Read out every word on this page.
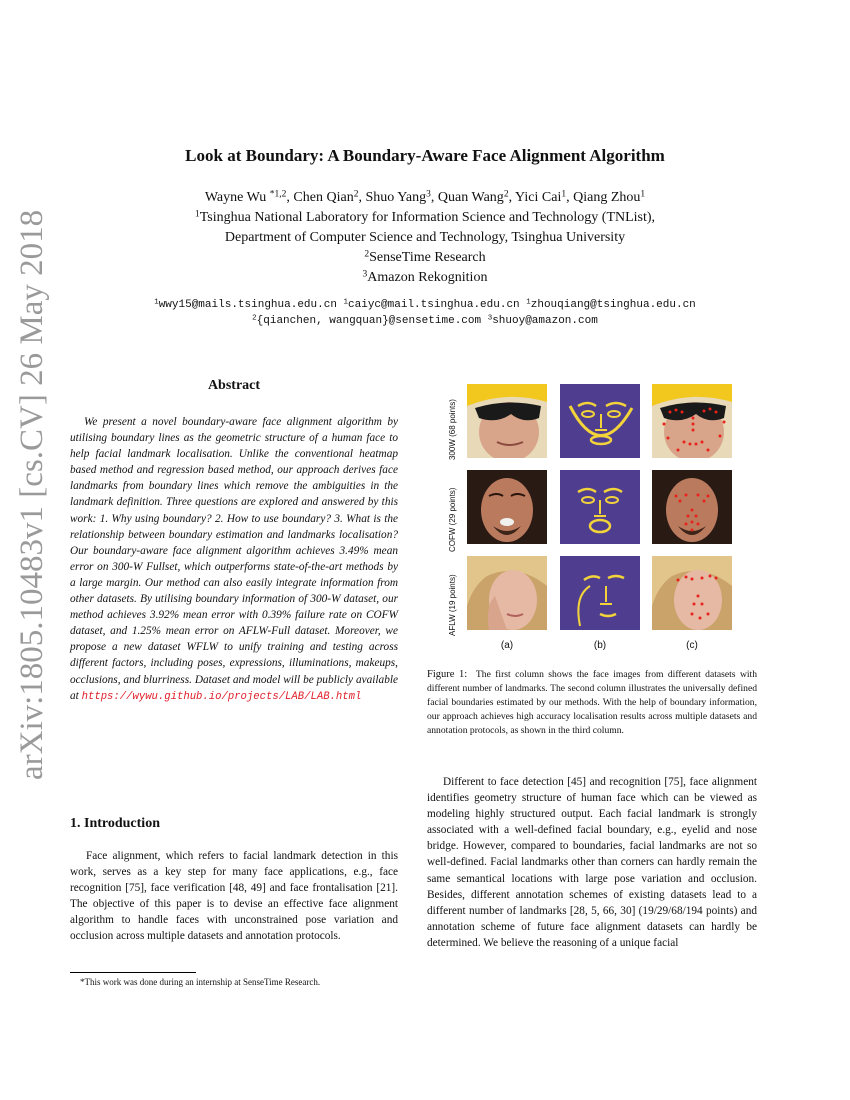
arXiv:1805.10483v1 [cs.CV] 26 May 2018
Look at Boundary: A Boundary-Aware Face Alignment Algorithm
Wayne Wu $^{*1,2}$, Chen Qian$^2$, Shuo Yang$^3$, Quan Wang$^2$, Yici Cai$^1$, Qiang Zhou$^1$
$^1$Tsinghua National Laboratory for Information Science and Technology (TNList),
Department of Computer Science and Technology, Tsinghua University
$^2$SenseTime Research
$^3$Amazon Rekognition
$^1$wwy15@mails.tsinghua.edu.cn $^1$caiyc@mail.tsinghua.edu.cn $^1$zhouqiang@tsinghua.edu.cn
$^2${qianchen, wangquan}@sensetime.com $^3$shuoy@amazon.com
Abstract
We present a novel boundary-aware face alignment algorithm by utilising boundary lines as the geometric structure of a human face to help facial landmark localisation. Unlike the conventional heatmap based method and regression based method, our approach derives face landmarks from boundary lines which remove the ambiguities in the landmark definition. Three questions are explored and answered by this work: 1. Why using boundary? 2. How to use boundary? 3. What is the relationship between boundary estimation and landmarks localisation? Our boundary-aware face alignment algorithm achieves 3.49% mean error on 300-W Fullset, which outperforms state-of-the-art methods by a large margin. Our method can also easily integrate information from other datasets. By utilising boundary information of 300-W dataset, our method achieves 3.92% mean error with 0.39% failure rate on COFW dataset, and 1.25% mean error on AFLW-Full dataset. Moreover, we propose a new dataset WFLW to unify training and testing across different factors, including poses, expressions, illuminations, makeups, occlusions, and blurriness. Dataset and model will be publicly available at https://wywu.github.io/projects/LAB/LAB.html
1. Introduction
Face alignment, which refers to facial landmark detection in this work, serves as a key step for many face applications, e.g., face recognition [75], face verification [48, 49] and face frontalisation [21]. The objective of this paper is to devise an effective face alignment algorithm to handle faces with unconstrained pose variation and occlusion across multiple datasets and annotation protocols.
*This work was done during an internship at SenseTime Research.
300W (68 points)
COFW (29 points)
AFLW (19 points)
(a)	(b)	(c)
Figure 1: The first column shows the face images from different datasets with different number of landmarks. The second column illustrates the universally defined facial boundaries estimated by our methods. With the help of boundary information, our approach achieves high accuracy localisation results across multiple datasets and annotation protocols, as shown in the third column.
Different to face detection [45] and recognition [75], face alignment identifies geometry structure of human face which can be viewed as modeling highly structured output. Each facial landmark is strongly associated with a well-defined facial boundary, e.g., eyelid and nose bridge. However, compared to boundaries, facial landmarks are not so well-defined. Facial landmarks other than corners can hardly remain the same semantical locations with large pose variation and occlusion. Besides, different annotation schemes of existing datasets lead to a different number of landmarks [28, 5, 66, 30] (19/29/68/194 points) and annotation scheme of future face alignment datasets can hardly be determined. We believe the reasoning of a unique facial
